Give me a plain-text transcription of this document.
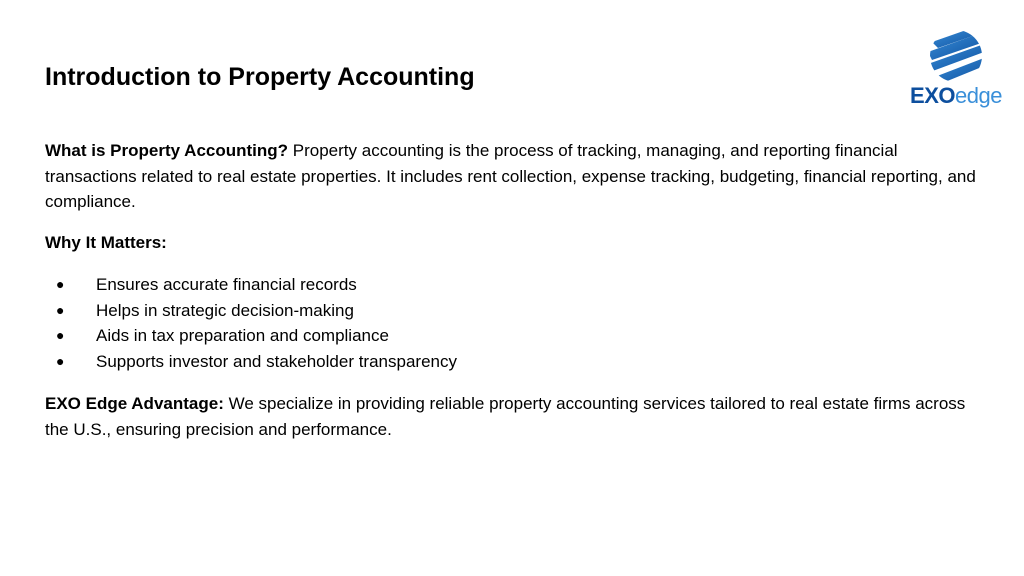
Introduction to Property Accounting
EXOedge

What is Property Accounting? Property accounting is the process of tracking, managing, and reporting financial transactions related to real estate properties. It includes rent collection, expense tracking, budgeting, financial reporting, and compliance.

Why It Matters:

● Ensures accurate financial records
● Helps in strategic decision-making
● Aids in tax preparation and compliance
● Supports investor and stakeholder transparency

EXO Edge Advantage: We specialize in providing reliable property accounting services tailored to real estate firms across the U.S., ensuring precision and performance.
